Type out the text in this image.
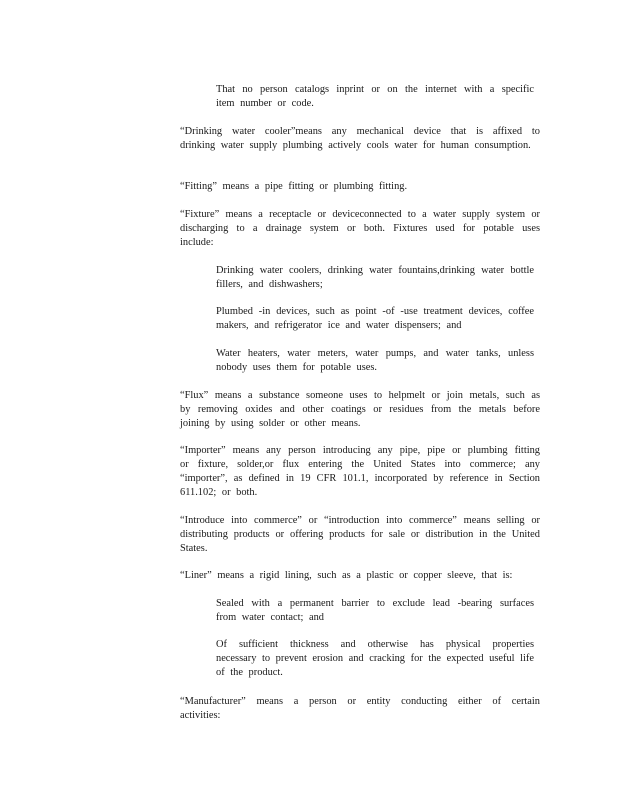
That no person catalogs inprint or on the internet with a specific item number or code.

“Drinking water cooler”means any mechanical device that is affixed to drinking water supply plumbing actively cools water for human consumption.

“Fitting” means a pipe fitting or plumbing fitting.

“Fixture” means a receptacle or deviceconnected to a water supply system or discharging to a drainage system or both. Fixtures used for potable uses include:

Drinking water coolers, drinking water fountains,drinking water bottle fillers, and dishwashers;

Plumbed -in devices, such as point -of -use treatment devices, coffee makers, and refrigerator ice and water dispensers; and

Water heaters, water meters, water pumps, and water tanks, unless nobody uses them for potable uses.

“Flux” means a substance someone uses to helpmelt or join metals, such as by removing oxides and other coatings or residues from the metals before joining by using solder or other means.

“Importer” means any person introducing any pipe, pipe or plumbing fitting or fixture, solder,or flux entering the United States into commerce; any “importer”, as defined in 19 CFR 101.1, incorporated by reference in Section 611.102; or both.

“Introduce into commerce” or “introduction into commerce” means selling or distributing products or offering products for sale or distribution in the United States.

“Liner” means a rigid lining, such as a plastic or copper sleeve, that is:

Sealed with a permanent barrier to exclude lead -bearing surfaces from water contact; and

Of sufficient thickness and otherwise has physical properties necessary to prevent erosion and cracking for the expected useful life of the product.

“Manufacturer” means a person or entity conducting either of certain activities:
